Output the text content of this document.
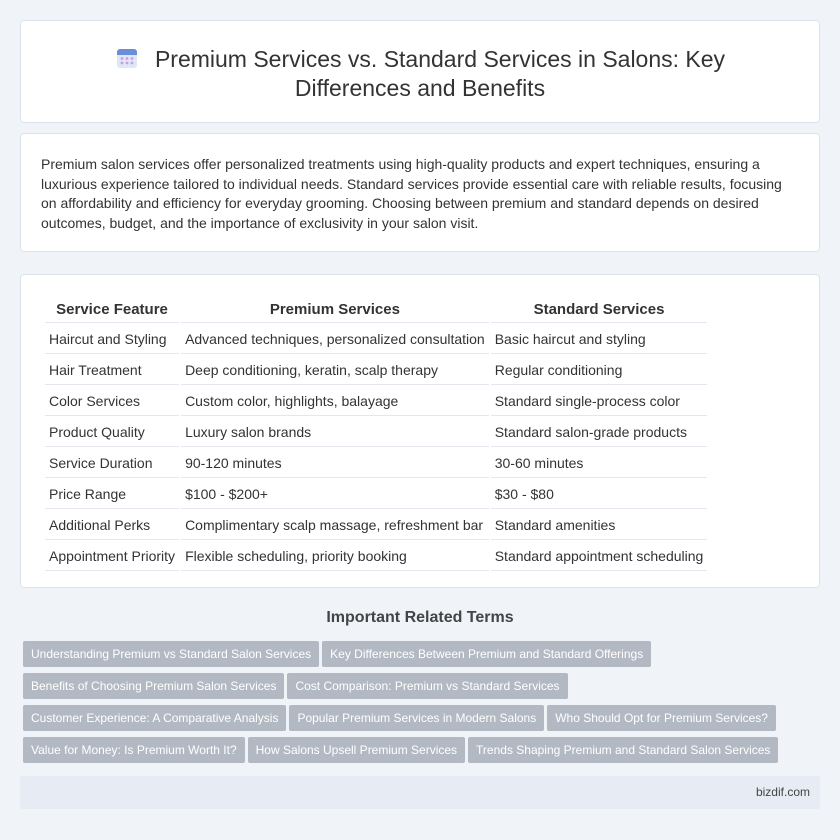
Premium Services vs. Standard Services in Salons: Key Differences and Benefits

Premium salon services offer personalized treatments using high-quality products and expert techniques, ensuring a luxurious experience tailored to individual needs. Standard services provide essential care with reliable results, focusing on affordability and efficiency for everyday grooming. Choosing between premium and standard depends on desired outcomes, budget, and the importance of exclusivity in your salon visit.

Service Feature	Premium Services	Standard Services
Haircut and Styling	Advanced techniques, personalized consultation	Basic haircut and styling
Hair Treatment	Deep conditioning, keratin, scalp therapy	Regular conditioning
Color Services	Custom color, highlights, balayage	Standard single-process color
Product Quality	Luxury salon brands	Standard salon-grade products
Service Duration	90-120 minutes	30-60 minutes
Price Range	$100 - $200+	$30 - $80
Additional Perks	Complimentary scalp massage, refreshment bar	Standard amenities
Appointment Priority	Flexible scheduling, priority booking	Standard appointment scheduling
Important Related Terms
Understanding Premium vs Standard Salon Services Key Differences Between Premium and Standard Offerings
Benefits of Choosing Premium Salon Services Cost Comparison: Premium vs Standard Services
Customer Experience: A Comparative Analysis Popular Premium Services in Modern Salons Who Should Opt for Premium Services?
Value for Money: Is Premium Worth It? How Salons Upsell Premium Services Trends Shaping Premium and Standard Salon Services
bizdif.com
